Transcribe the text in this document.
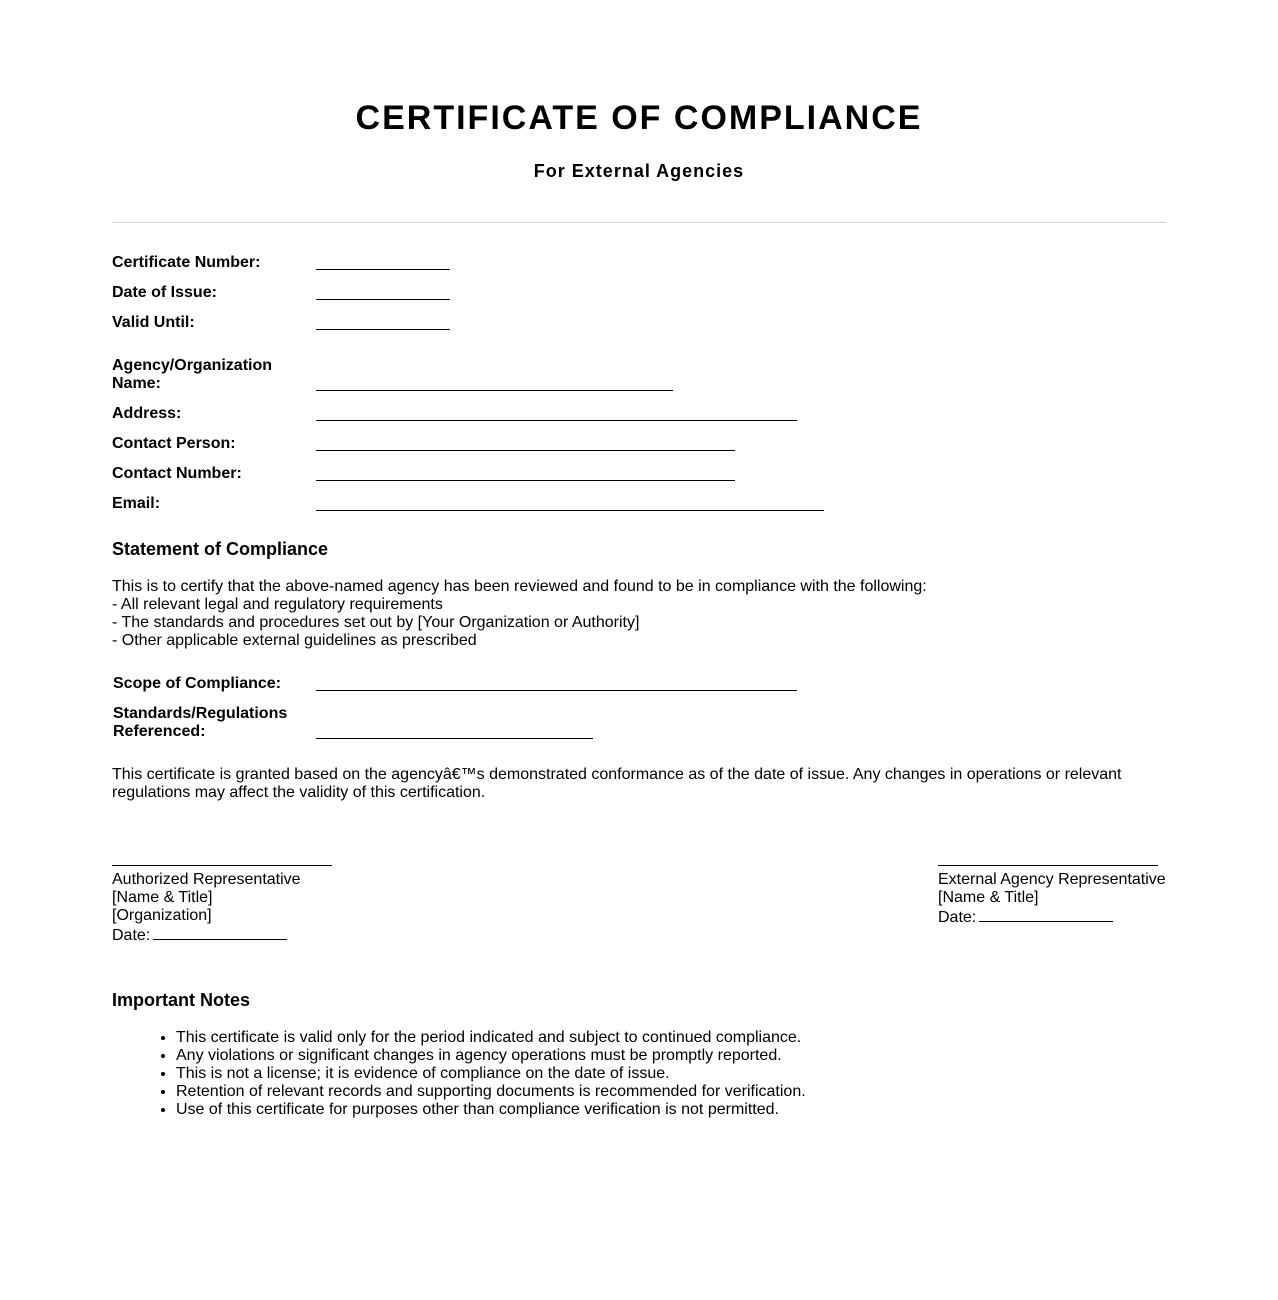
CERTIFICATE OF COMPLIANCE
For External Agencies
Certificate Number:
Date of Issue:
Valid Until:
Agency/Organization Name:
Address:
Contact Person:
Contact Number:
Email:
Statement of Compliance
This is to certify that the above-named agency has been reviewed and found to be in compliance with the following:
- All relevant legal and regulatory requirements
- The standards and procedures set out by [Your Organization or Authority]
- Other applicable external guidelines as prescribed
Scope of Compliance:
Standards/Regulations Referenced:
This certificate is granted based on the agencyâ€™s demonstrated conformance as of the date of issue. Any changes in operations or relevant regulations may affect the validity of this certification.
Authorized Representative
[Name & Title]
[Organization]
Date:
External Agency Representative
[Name & Title]
Date:
Important Notes
• This certificate is valid only for the period indicated and subject to continued compliance.
• Any violations or significant changes in agency operations must be promptly reported.
• This is not a license; it is evidence of compliance on the date of issue.
• Retention of relevant records and supporting documents is recommended for verification.
• Use of this certificate for purposes other than compliance verification is not permitted.
